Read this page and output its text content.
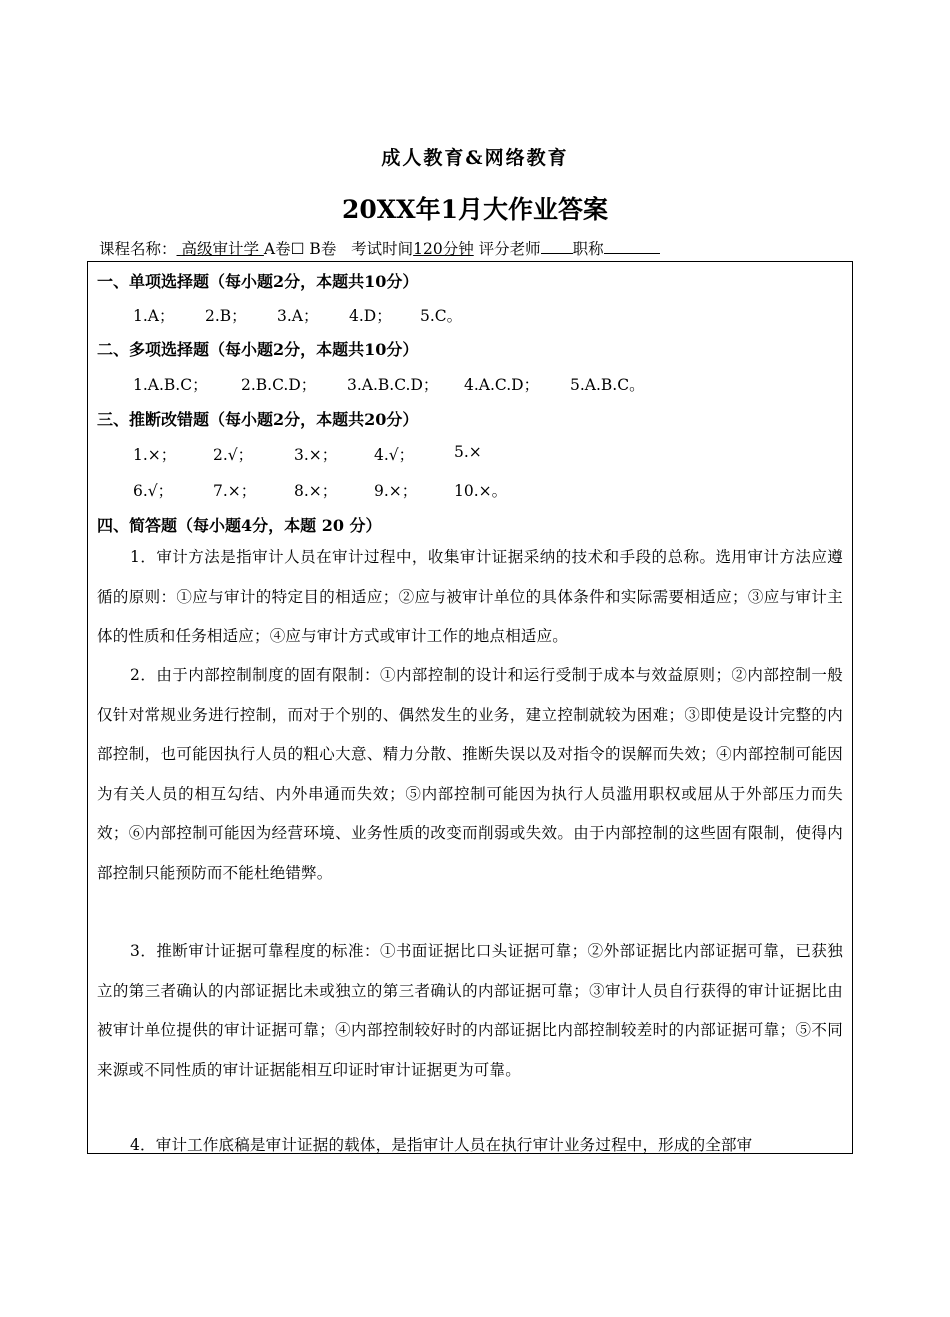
成人教育&网络教育
20XX年1月大作业答案
课程名称： 高级审计学 A卷☐ B卷 考试时间120分钟 评分老师 职称
一、单项选择题（每小题2分，本题共10分）
1.A； 2.B； 3.A； 4.D； 5.C。
二、多项选择题（每小题2分，本题共10分）
1.A.B.C； 2.B.C.D； 3.A.B.C.D； 4.A.C.D； 5.A.B.C。
三、推断改错题（每小题2分，本题共20分）
1.×； 2.√；	3.×； 4.√；	5.×
6.√；	7.×； 8.×； 9.×； 10.×。
四、简答题（每小题4分，本题 20 分）
1．审计方法是指审计人员在审计过程中，收集审计证据采纳的技术和手段的总称。选用审计方法应遵循的原则：①应与审计的特定目的相适应；②应与被审计单位的具体条件和实际需要相适应；③应与审计主体的性质和任务相适应；④应与审计方式或审计工作的地点相适应。
2．由于内部控制制度的固有限制：①内部控制的设计和运行受制于成本与效益原则；②内部控制一般仅针对常规业务进行控制，而对于个别的、偶然发生的业务，建立控制就较为困难；③即使是设计完整的内部控制，也可能因执行人员的粗心大意、精力分散、推断失误以及对指令的误解而失效；④内部控制可能因为有关人员的相互勾结、内外串通而失效；⑤内部控制可能因为执行人员滥用职权或屈从于外部压力而失效；⑥内部控制可能因为经营环境、业务性质的改变而削弱或失效。由于内部控制的这些固有限制，使得内部控制只能预防而不能杜绝错弊。
3．推断审计证据可靠程度的标准：①书面证据比口头证据可靠；②外部证据比内部证据可靠，已获独立的第三者确认的内部证据比未或独立的第三者确认的内部证据可靠；③审计人员自行获得的审计证据比由被审计单位提供的审计证据可靠；④内部控制较好时的内部证据比内部控制较差时的内部证据可靠；⑤不同来源或不同性质的审计证据能相互印证时审计证据更为可靠。
4．审计工作底稿是审计证据的载体，是指审计人员在执行审计业务过程中，形成的全部审
